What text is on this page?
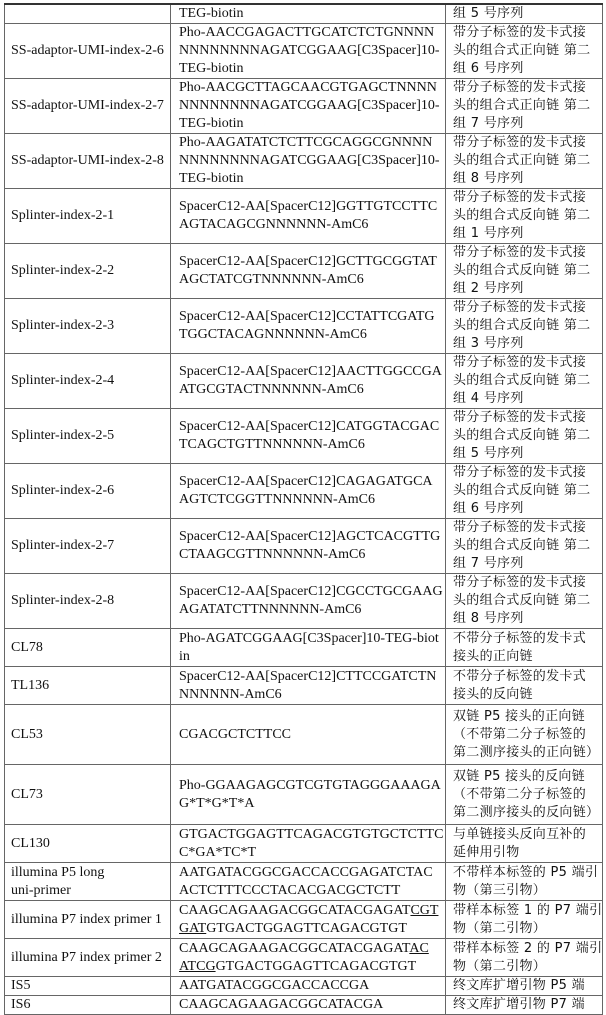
TEG-biotin	组 5 号序列

SS-adaptor-UMI-index-2-6	
Pho-AACCGAGACTTGCATCTCTGNNNN
NNNNNNNNAGATCGGAAG[C3Spacer]10-
TEG-biotin

带分子标签的发卡式接
头的组合式正向链 第二
组 6 号序列

SS-adaptor-UMI-index-2-7	
Pho-AACGCTTAGCAACGTGAGCTNNNN
NNNNNNNNAGATCGGAAG[C3Spacer]10-
TEG-biotin

带分子标签的发卡式接
头的组合式正向链 第二
组 7 号序列

SS-adaptor-UMI-index-2-8	
Pho-AAGATATCTCTTCGCAGGCGNNNN
NNNNNNNNAGATCGGAAG[C3Spacer]10-
TEG-biotin

带分子标签的发卡式接
头的组合式正向链 第二
组 8 号序列

Splinter-index-2-1	
SpacerC12-AA[SpacerC12]GGTTGTCCTTC
AGTACAGCGNNNNNN-AmC6

带分子标签的发卡式接
头的组合式反向链 第二
组 1 号序列

Splinter-index-2-2	
SpacerC12-AA[SpacerC12]GCTTGCGGTAT
AGCTATCGTNNNNNN-AmC6

带分子标签的发卡式接
头的组合式反向链 第二
组 2 号序列

Splinter-index-2-3	
SpacerC12-AA[SpacerC12]CCTATTCGATG
TGGCTACAGNNNNNN-AmC6

带分子标签的发卡式接
头的组合式反向链 第二
组 3 号序列

Splinter-index-2-4	
SpacerC12-AA[SpacerC12]AACTTGGCCGA
ATGCGTACTNNNNNN-AmC6

带分子标签的发卡式接
头的组合式反向链 第二
组 4 号序列

Splinter-index-2-5	
SpacerC12-AA[SpacerC12]CATGGTACGAC
TCAGCTGTTNNNNNN-AmC6

带分子标签的发卡式接
头的组合式反向链 第二
组 5 号序列

Splinter-index-2-6	
SpacerC12-AA[SpacerC12]CAGAGATGCA
AGTCTCGGTTNNNNNN-AmC6

带分子标签的发卡式接
头的组合式反向链 第二
组 6 号序列

Splinter-index-2-7	
SpacerC12-AA[SpacerC12]AGCTCACGTTG
CTAAGCGTTNNNNNN-AmC6

带分子标签的发卡式接
头的组合式反向链 第二
组 7 号序列

Splinter-index-2-8	
SpacerC12-AA[SpacerC12]CGCCTGCGAAG
AGATATCTTNNNNNN-AmC6

带分子标签的发卡式接
头的组合式反向链 第二
组 8 号序列

CL78	
Pho-AGATCGGAAG[C3Spacer]10-TEG-biot
in

不带分子标签的发卡式
接头的正向链

TL136	
SpacerC12-AA[SpacerC12]CTTCCGATCTN
NNNNNN-AmC6

不带分子标签的发卡式
接头的反向链

CL53	CGACGCTCTTCC

双链 P5 接头的正向链
（不带第二分子标签的
第二测序接头的正向链）

CL73	
Pho-GGAAGAGCGTCGTGTAGGGAAAGA
G*T*G*T*A

双链 P5 接头的反向链
（不带第二分子标签的
第二测序接头的反向链）

CL130	
GTGACTGGAGTTCAGACGTGTGCTCTTC
C*GA*TC*T

与单链接头反向互补的
延伸用引物

illumina P5 long
uni-primer

AATGATACGGCGACCACCGAGATCTAC
ACTCTTTCCCTACACGACGCTCTT

不带样本标签的 P5 端引
物（第三引物）

illumina P7 index primer 1	
CAAGCAGAAGACGGCATACGAGATCGT
GATGTGACTGGAGTTCAGACGTGT

带样本标签 1 的 P7 端引
物（第二引物）

illumina P7 index primer 2	
CAAGCAGAAGACGGCATACGAGATAC
ATCGGTGACTGGAGTTCAGACGTGT

带样本标签 2 的 P7 端引
物（第二引物）

IS5	AATGATACGGCGACCACCGA	终文库扩增引物 P5 端

IS6	CAAGCAGAAGACGGCATACGA	终文库扩增引物 P7 端
